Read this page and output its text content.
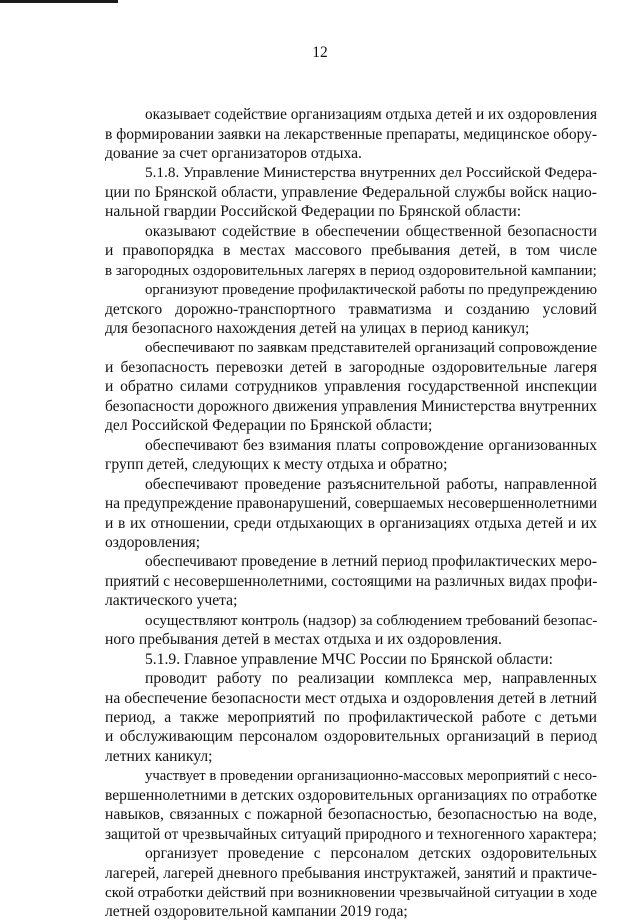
12
оказывает содействие организациям отдыха детей и их оздоровления
в формировании заявки на лекарственные препараты, медицинское обору-
дование за счет организаторов отдыха.
5.1.8. Управление Министерства внутренних дел Российской Федера-
ции по Брянской области, управление Федеральной службы войск нацио-
нальной гвардии Российской Федерации по Брянской области:
оказывают содействие в обеспечении общественной безопасности
и правопорядка в местах массового пребывания детей, в том числе
в загородных оздоровительных лагерях в период оздоровительной кампании;
организуют проведение профилактической работы по предупреждению
детского дорожно-транспортного травматизма и созданию условий
для безопасного нахождения детей на улицах в период каникул;
обеспечивают по заявкам представителей организаций сопровождение
и безопасность перевозки детей в загородные оздоровительные лагеря
и обратно силами сотрудников управления государственной инспекции
безопасности дорожного движения управления Министерства внутренних
дел Российской Федерации по Брянской области;
обеспечивают без взимания платы сопровождение организованных
групп детей, следующих к месту отдыха и обратно;
обеспечивают проведение разъяснительной работы, направленной
на предупреждение правонарушений, совершаемых несовершеннолетними
и в их отношении, среди отдыхающих в организациях отдыха детей и их
оздоровления;
обеспечивают проведение в летний период профилактических меро-
приятий с несовершеннолетними, состоящими на различных видах профи-
лактического учета;
осуществляют контроль (надзор) за соблюдением требований безопас-
ного пребывания детей в местах отдыха и их оздоровления.
5.1.9. Главное управление МЧС России по Брянской области:
проводит работу по реализации комплекса мер, направленных
на обеспечение безопасности мест отдыха и оздоровления детей в летний
период, а также мероприятий по профилактической работе с детьми
и обслуживающим персоналом оздоровительных организаций в период
летних каникул;
участвует в проведении организационно-массовых мероприятий с несо-
вершеннолетними в детских оздоровительных организациях по отработке
навыков, связанных с пожарной безопасностью, безопасностью на воде,
защитой от чрезвычайных ситуаций природного и техногенного характера;
организует проведение с персоналом детских оздоровительных
лагерей, лагерей дневного пребывания инструктажей, занятий и практиче-
ской отработки действий при возникновении чрезвычайной ситуации в ходе
летней оздоровительной кампании 2019 года;
